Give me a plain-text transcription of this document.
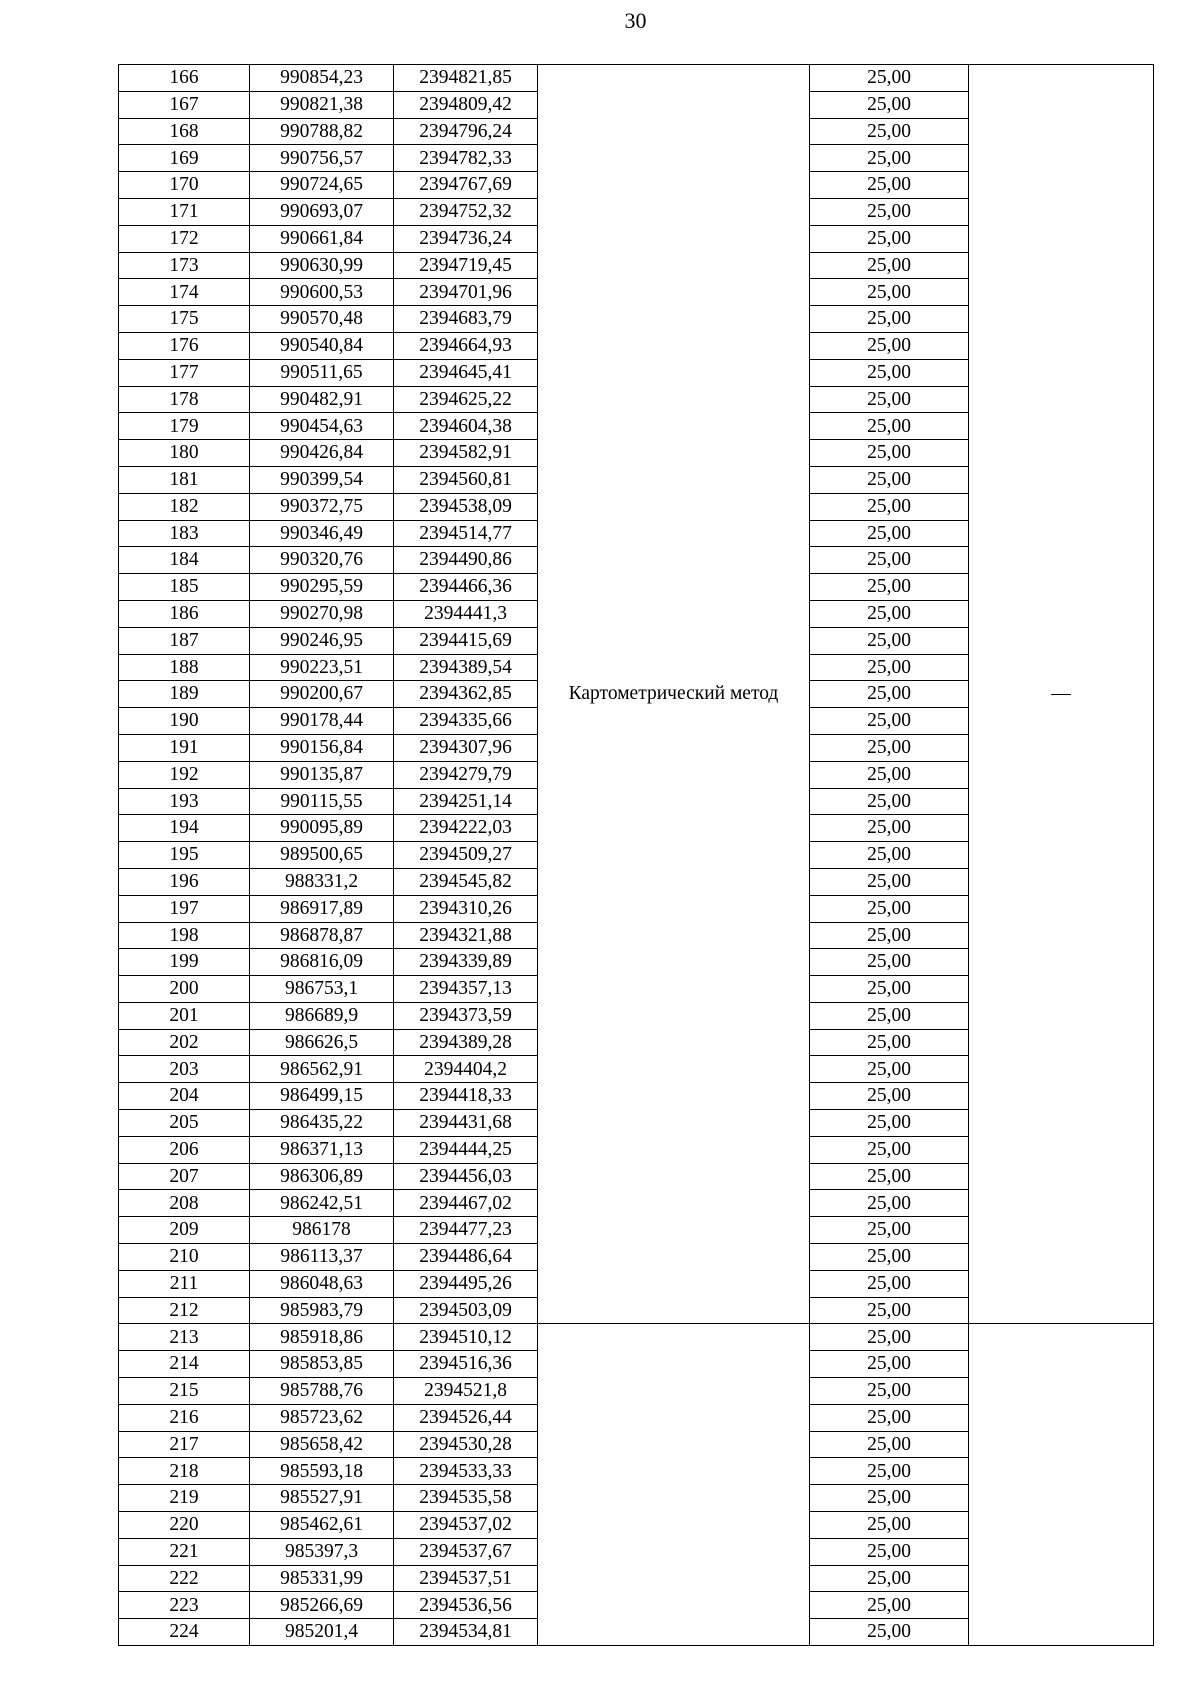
30
166	990854,23	2394821,85	Картометрический метод	25,00	—
167	990821,38	2394809,42		25,00	
168	990788,82	2394796,24		25,00	
169	990756,57	2394782,33		25,00	
170	990724,65	2394767,69		25,00	
171	990693,07	2394752,32		25,00	
172	990661,84	2394736,24		25,00	
173	990630,99	2394719,45		25,00	
174	990600,53	2394701,96		25,00	
175	990570,48	2394683,79		25,00	
176	990540,84	2394664,93		25,00	
177	990511,65	2394645,41		25,00	
178	990482,91	2394625,22		25,00	
179	990454,63	2394604,38		25,00	
180	990426,84	2394582,91		25,00	
181	990399,54	2394560,81		25,00	
182	990372,75	2394538,09		25,00	
183	990346,49	2394514,77		25,00	
184	990320,76	2394490,86		25,00	
185	990295,59	2394466,36		25,00	
186	990270,98	2394441,3		25,00	
187	990246,95	2394415,69		25,00	
188	990223,51	2394389,54		25,00	
189	990200,67	2394362,85		25,00	
190	990178,44	2394335,66		25,00	
191	990156,84	2394307,96		25,00	
192	990135,87	2394279,79		25,00	
193	990115,55	2394251,14		25,00	
194	990095,89	2394222,03		25,00	
195	989500,65	2394509,27		25,00	
196	988331,2	2394545,82		25,00	
197	986917,89	2394310,26		25,00	
198	986878,87	2394321,88		25,00	
199	986816,09	2394339,89		25,00	
200	986753,1	2394357,13		25,00	
201	986689,9	2394373,59		25,00	
202	986626,5	2394389,28		25,00	
203	986562,91	2394404,2		25,00	
204	986499,15	2394418,33		25,00	
205	986435,22	2394431,68		25,00	
206	986371,13	2394444,25		25,00	
207	986306,89	2394456,03		25,00	
208	986242,51	2394467,02		25,00	
209	986178	2394477,23		25,00	
210	986113,37	2394486,64		25,00	
211	986048,63	2394495,26		25,00	
212	985983,79	2394503,09		25,00	
213	985918,86	2394510,12		25,00	
214	985853,85	2394516,36		25,00	
215	985788,76	2394521,8		25,00	
216	985723,62	2394526,44		25,00	
217	985658,42	2394530,28		25,00	
218	985593,18	2394533,33		25,00	
219	985527,91	2394535,58		25,00	
220	985462,61	2394537,02		25,00	
221	985397,3	2394537,67		25,00	
222	985331,99	2394537,51		25,00	
223	985266,69	2394536,56		25,00	
224	985201,4	2394534,81		25,00	
